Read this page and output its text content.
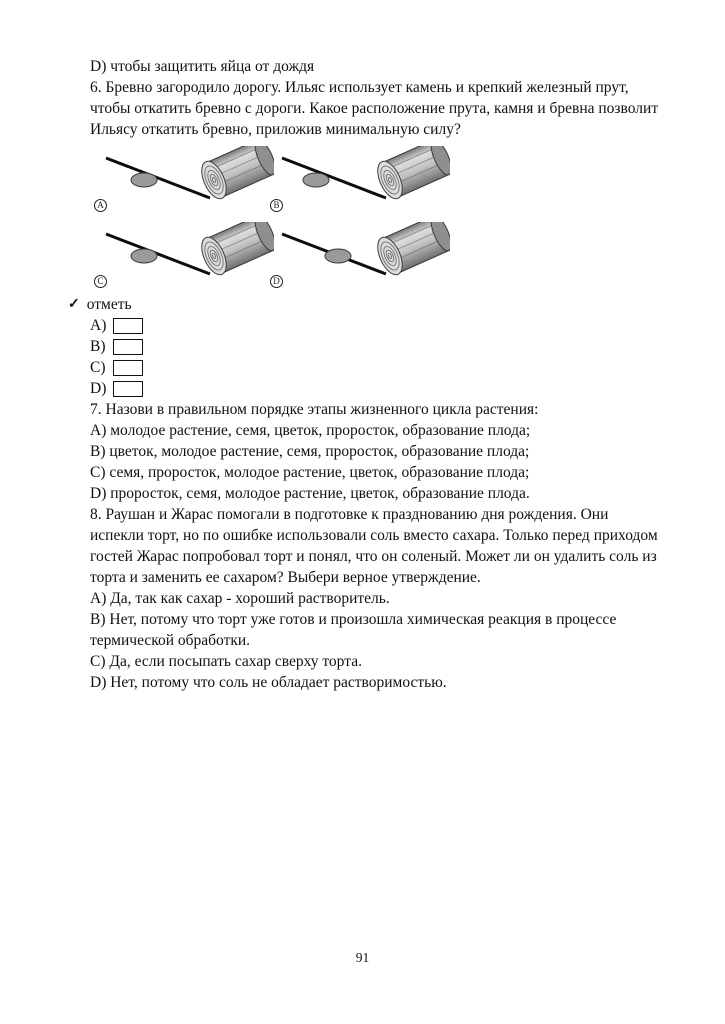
D) чтобы защитить яйца от дождя

6. Бревно загородило дорогу. Ильяс использует камень и крепкий железный прут, чтобы откатить бревно с дороги. Какое расположение прута, камня и бревна позволит Ильясу откатить бревно, приложив минимальную силу?

A	B
C	D
✓ отметь
A)
B)
C)
D)

7. Назови в правильном порядке этапы жизненного цикла растения:

A) молодое растение, семя, цветок, проросток, образование плода;

B) цветок, молодое растение, семя, проросток, образование плода;

C) семя, проросток, молодое растение, цветок, образование плода;

D) проросток, семя, молодое растение, цветок, образование плода.

8. Раушан и Жарас помогали в подготовке к празднованию дня рождения. Они испекли торт, но по ошибке использовали соль вместо сахара. Только перед приходом гостей Жарас попробовал торт и понял, что он соленый. Может ли он удалить соль из торта и заменить ее сахаром? Выбери верное утверждение.

A) Да, так как сахар - хороший растворитель.

B) Нет, потому что торт уже готов и произошла химическая реакция в процессе термической обработки.

C) Да, если посыпать сахар сверху торта.

D) Нет, потому что соль не обладает растворимостью.

91
